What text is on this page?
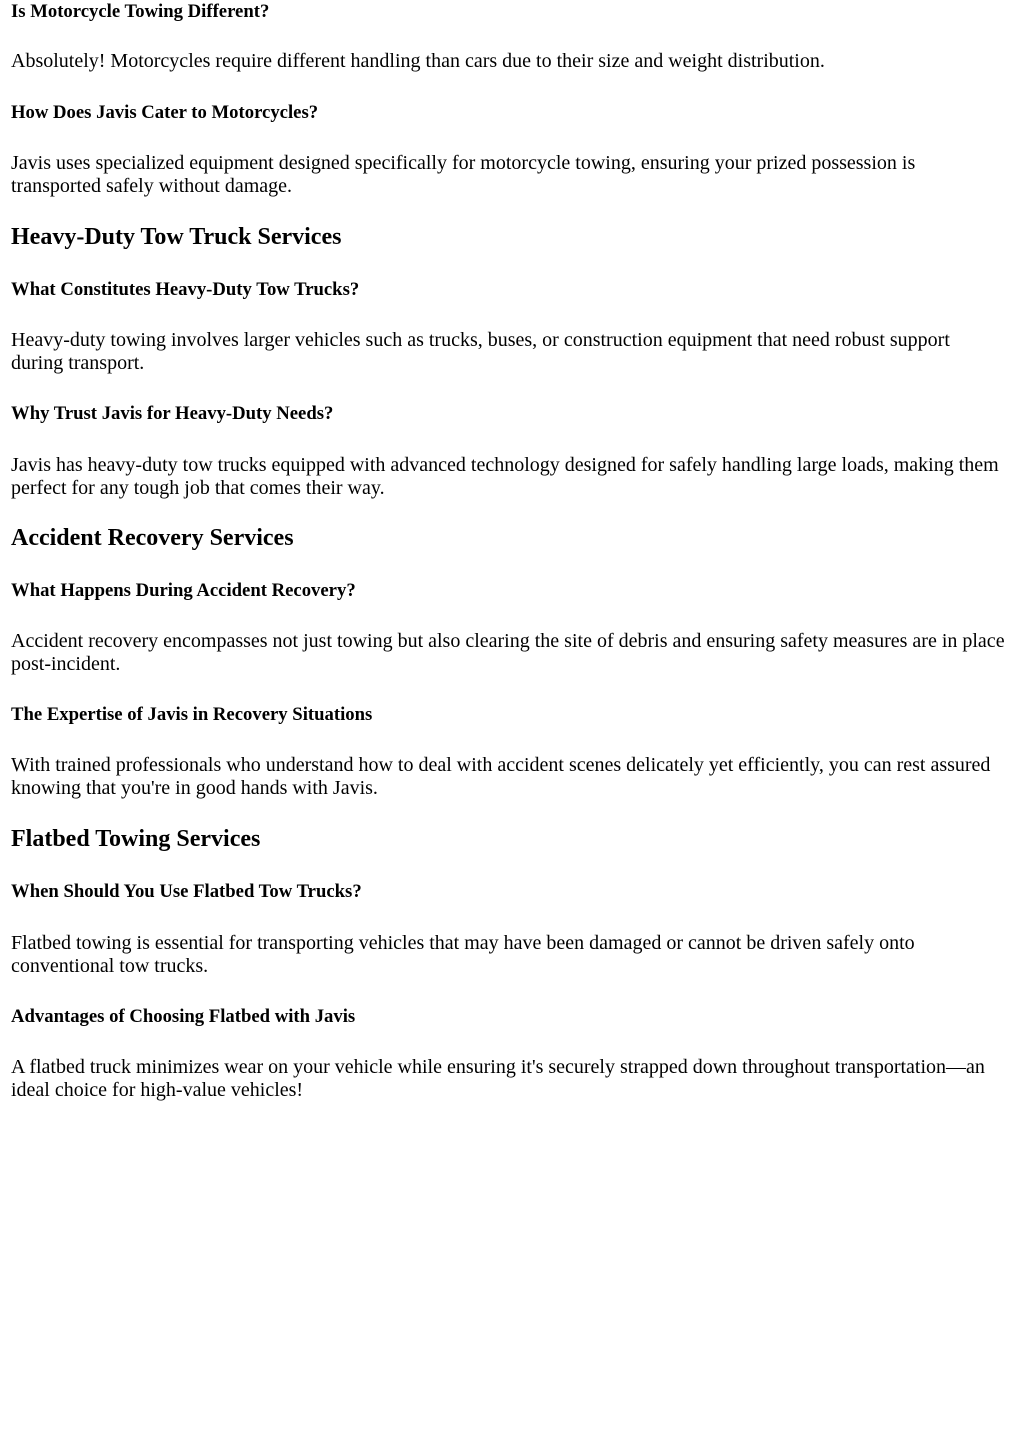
Is Motorcycle Towing Different?

Absolutely! Motorcycles require different handling than cars due to their size and weight distribution.

How Does Javis Cater to Motorcycles?

Javis uses specialized equipment designed specifically for motorcycle towing, ensuring your prized possession is transported safely without damage.

Heavy-Duty Tow Truck Services
What Constitutes Heavy-Duty Tow Trucks?

Heavy-duty towing involves larger vehicles such as trucks, buses, or construction equipment that need robust support during transport.

Why Trust Javis for Heavy-Duty Needs?

Javis has heavy-duty tow trucks equipped with advanced technology designed for safely handling large loads, making them perfect for any tough job that comes their way.

Accident Recovery Services
What Happens During Accident Recovery?

Accident recovery encompasses not just towing but also clearing the site of debris and ensuring safety measures are in place post-incident.

The Expertise of Javis in Recovery Situations

With trained professionals who understand how to deal with accident scenes delicately yet efficiently, you can rest assured knowing that you're in good hands with Javis.

Flatbed Towing Services
When Should You Use Flatbed Tow Trucks?

Flatbed towing is essential for transporting vehicles that may have been damaged or cannot be driven safely onto conventional tow trucks.

Advantages of Choosing Flatbed with Javis

A flatbed truck minimizes wear on your vehicle while ensuring it's securely strapped down throughout transportation—an ideal choice for high-value vehicles!
